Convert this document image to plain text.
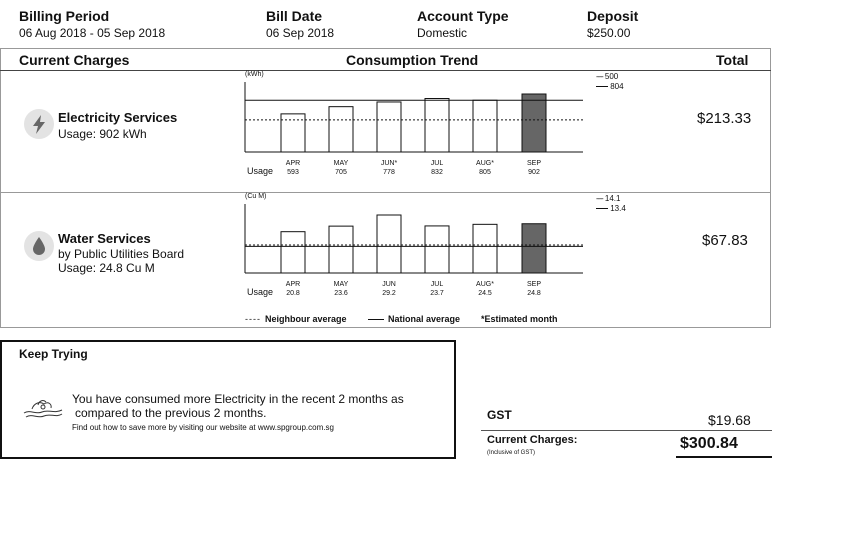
Billing Period
06 Aug 2018 - 05 Sep 2018
Bill Date
06 Sep 2018
Account Type
Domestic
Deposit
$250.00
Current Charges	Consumption Trend	Total
Electricity Services
Usage: 902 kWh
$213.33
(kWh)
Usage
---- 500
804
APR
593
MAY
705
JUN*
778
JUL
832
AUG*
805
SEP
902
APR
20.8
MAY
23.6
JUN
29.2
JUL
23.7
AUG*
24.5
SEP
24.8
Water Services
by Public Utilities Board
Usage: 24.8 Cu M
$67.83
(Cu M)
Usage
---- 14.1
13.4
---- Neighbour average	National average *Estimated month
Keep Trying
You have consumed more Electricity in the recent 2 months as
compared to the previous 2 months.
Find out how to save more by visiting our website at www.spgroup.com.sg
GST	$19.68
Current Charges:
(Inclusive of GST)
$300.84
